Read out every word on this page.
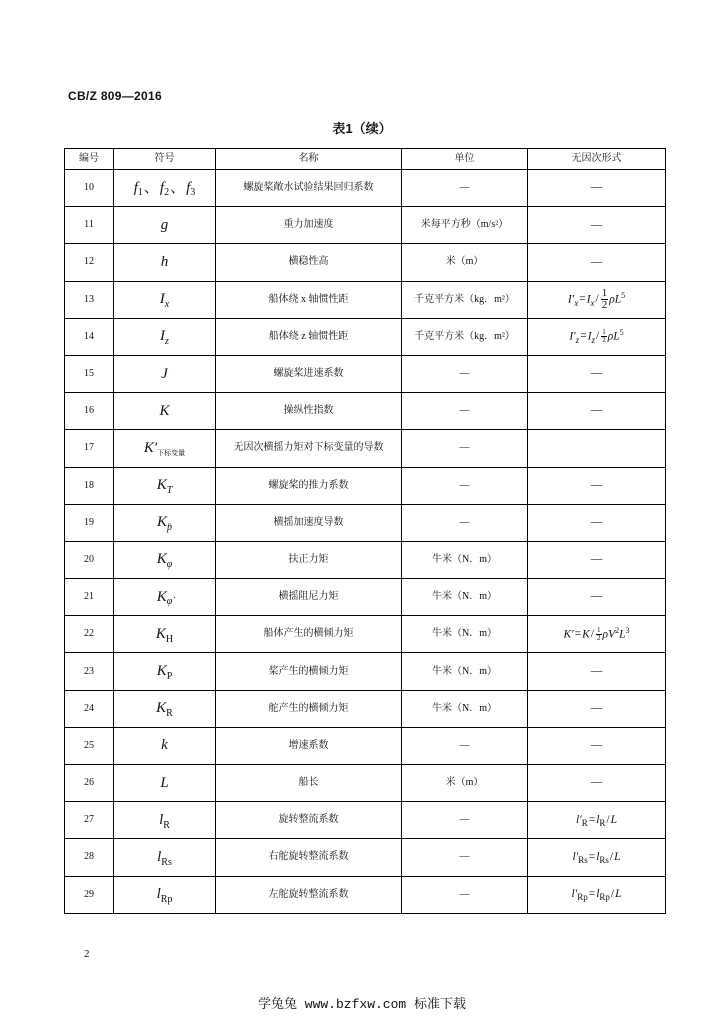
CB/Z 809—2016
表1（续）
编号	符号	名称	单位	无因次形式
10	$f_1$、$f_2$、$f_3$	螺旋桨敞水试验结果回归系数	—	—
11	g	重力加速度	米每平方秒（m/s²）	—
12	h	横稳性高	米（m）	—
13	$I_x$	船体绕 x 轴惯性距	千克平方米（kg．m²）	$I'_x=I_x/ \frac{1}{2} \rho L^5$
14	$I_z$	船体绕 z 轴惯性距	千克平方米（kg．m²）	$I'_z=I_z/ \frac{1}{2} \rho L^5$
15	J	螺旋桨进速系数	—	—
16	K	操纵性指数	—	—
17	$K'_{下标变量}$	无因次横摇力矩对下标变量的导数	—	
18	$K_T$	螺旋桨的推力系数	—	—
19	$K_{p̈}$	横摇加速度导数	—	—
20	$K_\varphi$	扶正力矩	牛米（N．m）	—
21	$K_{\varphi̇}$	横摇阻尼力矩	牛米（N．m）	—
22	$K_H$	船体产生的横倾力矩	牛米（N．m）	$K'=K/ \frac{1}{2} \rho V^2L^3$
23	$K_P$	桨产生的横倾力矩	牛米（N．m）	—
24	$K_R$	舵产生的横倾力矩	牛米（N．m）	—
25	k	增速系数	—	—
26	L	船长	米（m）	—
27	$l_R$	旋转整流系数	—	$l'_R=l_R/L$
28	$l_{Rs}$	右舵旋转整流系数	—	$l'_{Rs}=l_{Rs}/L$
29	$l_{Rp}$	左舵旋转整流系数	—	$l'_{Rp}=l_{Rp}/L$
2
学兔兔 www.bzfxw.com 标准下载
